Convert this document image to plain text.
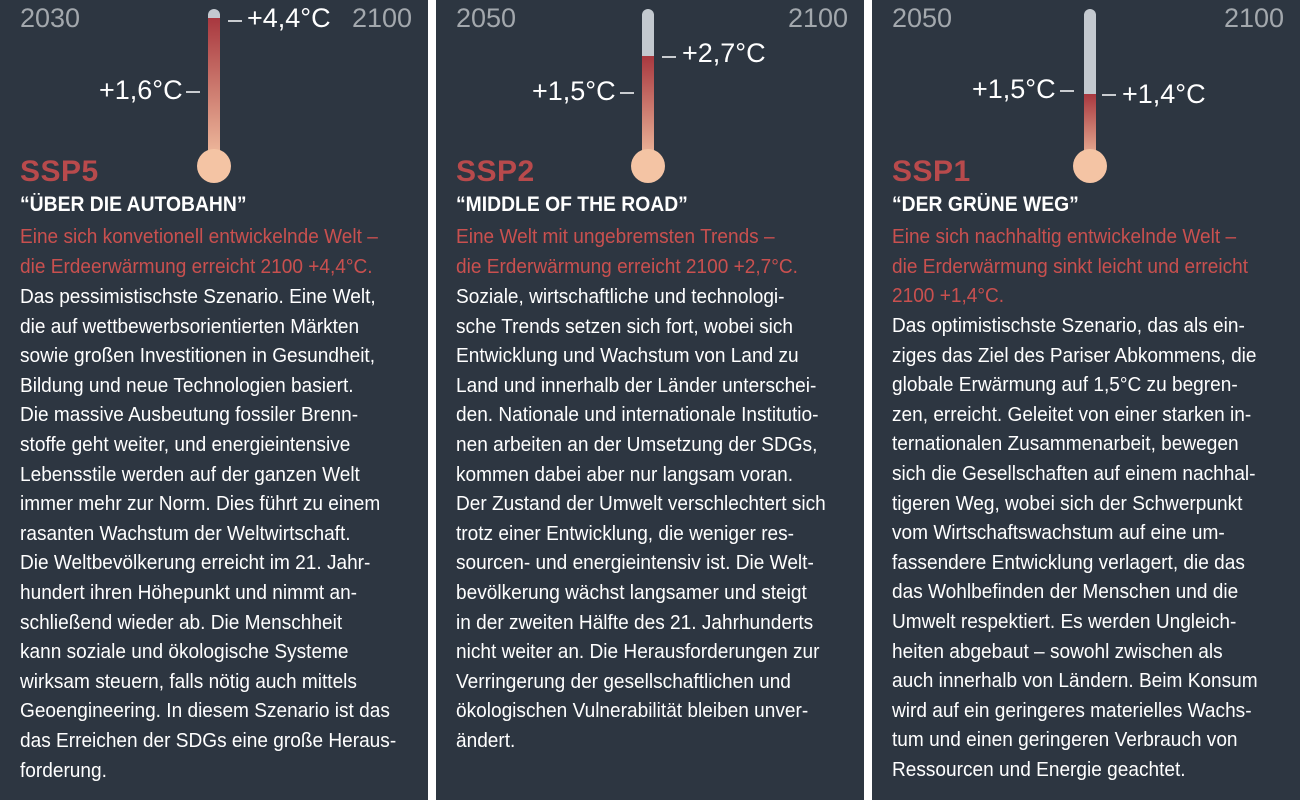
2030	2100
+4,4°C
+1,6°C
SSP5
“ÜBER DIE AUTOBAHN”
Eine sich konvetionell entwickelnde Welt –
die Erdeerwärmung erreicht 2100 +4,4°C.
Das pessimistischste Szenario. Eine Welt,
die auf wettbewerbsorientierten Märkten
sowie großen Investitionen in Gesundheit,
Bildung und neue Technologien basiert.
Die massive Ausbeutung fossiler Brenn-
stoffe geht weiter, und energieintensive
Lebensstile werden auf der ganzen Welt
immer mehr zur Norm. Dies führt zu einem
rasanten Wachstum der Weltwirtschaft.
Die Weltbevölkerung erreicht im 21. Jahr-
hundert ihren Höhepunkt und nimmt an-
schließend wieder ab. Die Menschheit
kann soziale und ökologische Systeme
wirksam steuern, falls nötig auch mittels
Geoengineering. In diesem Szenario ist das
das Erreichen der SDGs eine große Heraus-
forderung.
2050	2100
+2,7°C
+1,5°C
SSP2
“MIDDLE OF THE ROAD”
Eine Welt mit ungebremsten Trends –
die Erderwärmung erreicht 2100 +2,7°C.
Soziale, wirtschaftliche und technologi-
sche Trends setzen sich fort, wobei sich
Entwicklung und Wachstum von Land zu
Land und innerhalb der Länder unterschei-
den. Nationale und internationale Institutio-
nen arbeiten an der Umsetzung der SDGs,
kommen dabei aber nur langsam voran.
Der Zustand der Umwelt verschlechtert sich
trotz einer Entwicklung, die weniger res-
sourcen- und energieintensiv ist. Die Welt-
bevölkerung wächst langsamer und steigt
in der zweiten Hälfte des 21. Jahrhunderts
nicht weiter an. Die Herausforderungen zur
Verringerung der gesellschaftlichen und
ökologischen Vulnerabilität bleiben unver-
ändert.
2050	2100
+1,4°C
+1,5°C
SSP1
“DER GRÜNE WEG”
Eine sich nachhaltig entwickelnde Welt –
die Erderwärmung sinkt leicht und erreicht
2100 +1,4°C.
Das optimistischste Szenario, das als ein-
ziges das Ziel des Pariser Abkommens, die
globale Erwärmung auf 1,5°C zu begren-
zen, erreicht. Geleitet von einer starken in-
ternationalen Zusammenarbeit, bewegen
sich die Gesellschaften auf einem nachhal-
tigeren Weg, wobei sich der Schwerpunkt
vom Wirtschaftswachstum auf eine um-
fassendere Entwicklung verlagert, die das
das Wohlbefinden der Menschen und die
Umwelt respektiert. Es werden Ungleich-
heiten abgebaut – sowohl zwischen als
auch innerhalb von Ländern. Beim Konsum
wird auf ein geringeres materielles Wachs-
tum und einen geringeren Verbrauch von
Ressourcen und Energie geachtet.
